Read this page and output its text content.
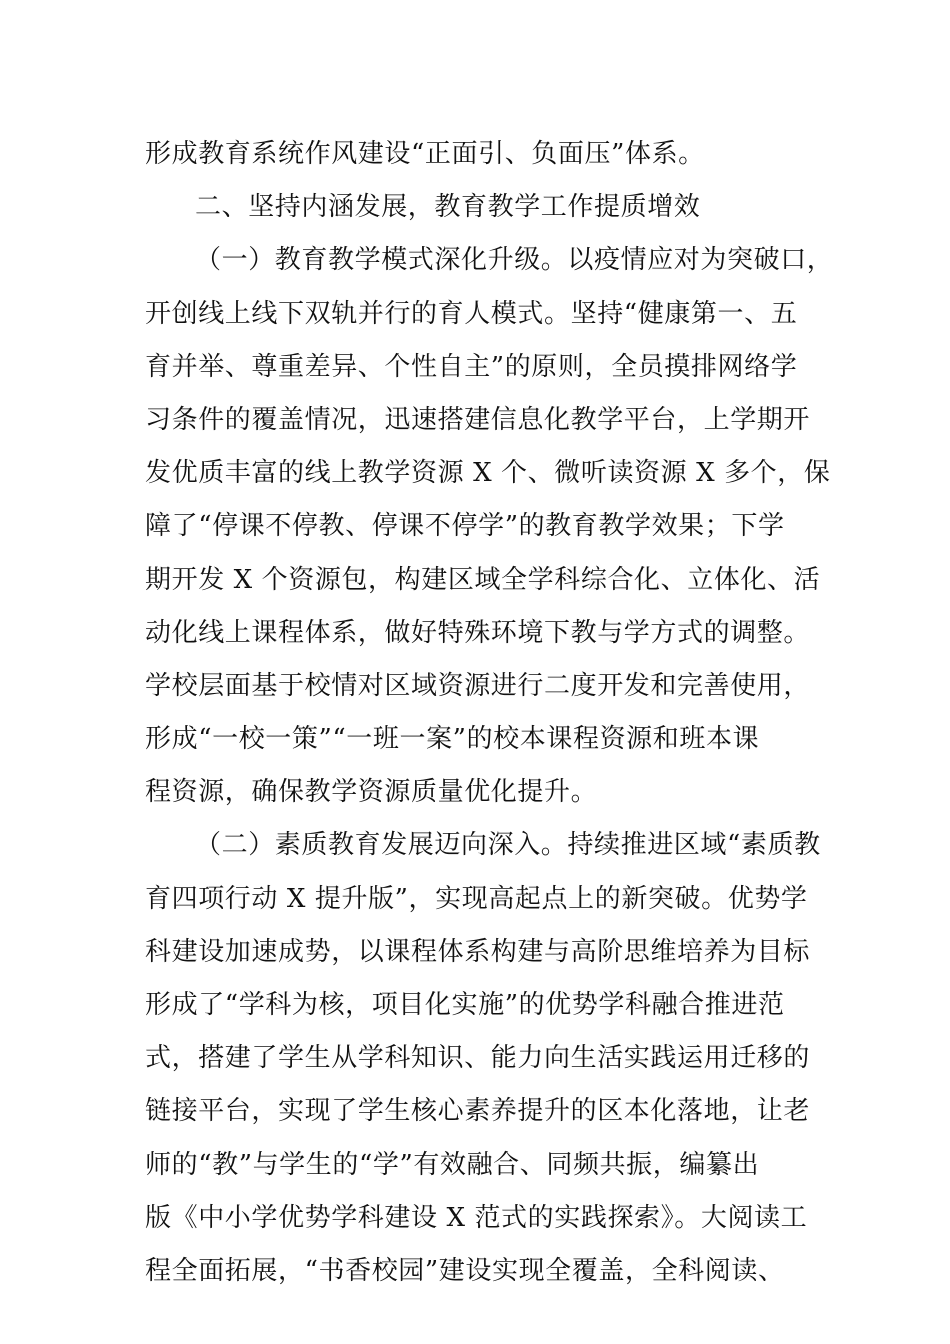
形成教育系统作风建设“正面引、负面压”体系。
二、坚持内涵发展，教育教学工作提质增效
（一）教育教学模式深化升级。以疫情应对为突破口，
开创线上线下双轨并行的育人模式。坚持“健康第一、五
育并举、尊重差异、个性自主”的原则，全员摸排网络学
习条件的覆盖情况，迅速搭建信息化教学平台，上学期开
发优质丰富的线上教学资源 X 个、微听读资源 X 多个，保
障了“停课不停教、停课不停学”的教育教学效果；下学
期开发 X 个资源包，构建区域全学科综合化、立体化、活
动化线上课程体系，做好特殊环境下教与学方式的调整。
学校层面基于校情对区域资源进行二度开发和完善使用，
形成“一校一策”“一班一案”的校本课程资源和班本课
程资源，确保教学资源质量优化提升。
（二）素质教育发展迈向深入。持续推进区域“素质教
育四项行动 X 提升版”，实现高起点上的新突破。优势学
科建设加速成势，以课程体系构建与高阶思维培养为目标
形成了“学科为核，项目化实施”的优势学科融合推进范
式，搭建了学生从学科知识、能力向生活实践运用迁移的
链接平台，实现了学生核心素养提升的区本化落地，让老
师的“教”与学生的“学”有效融合、同频共振，编纂出
版《中小学优势学科建设 X 范式的实践探索》。大阅读工
程全面拓展，“书香校园”建设实现全覆盖，全科阅读、
